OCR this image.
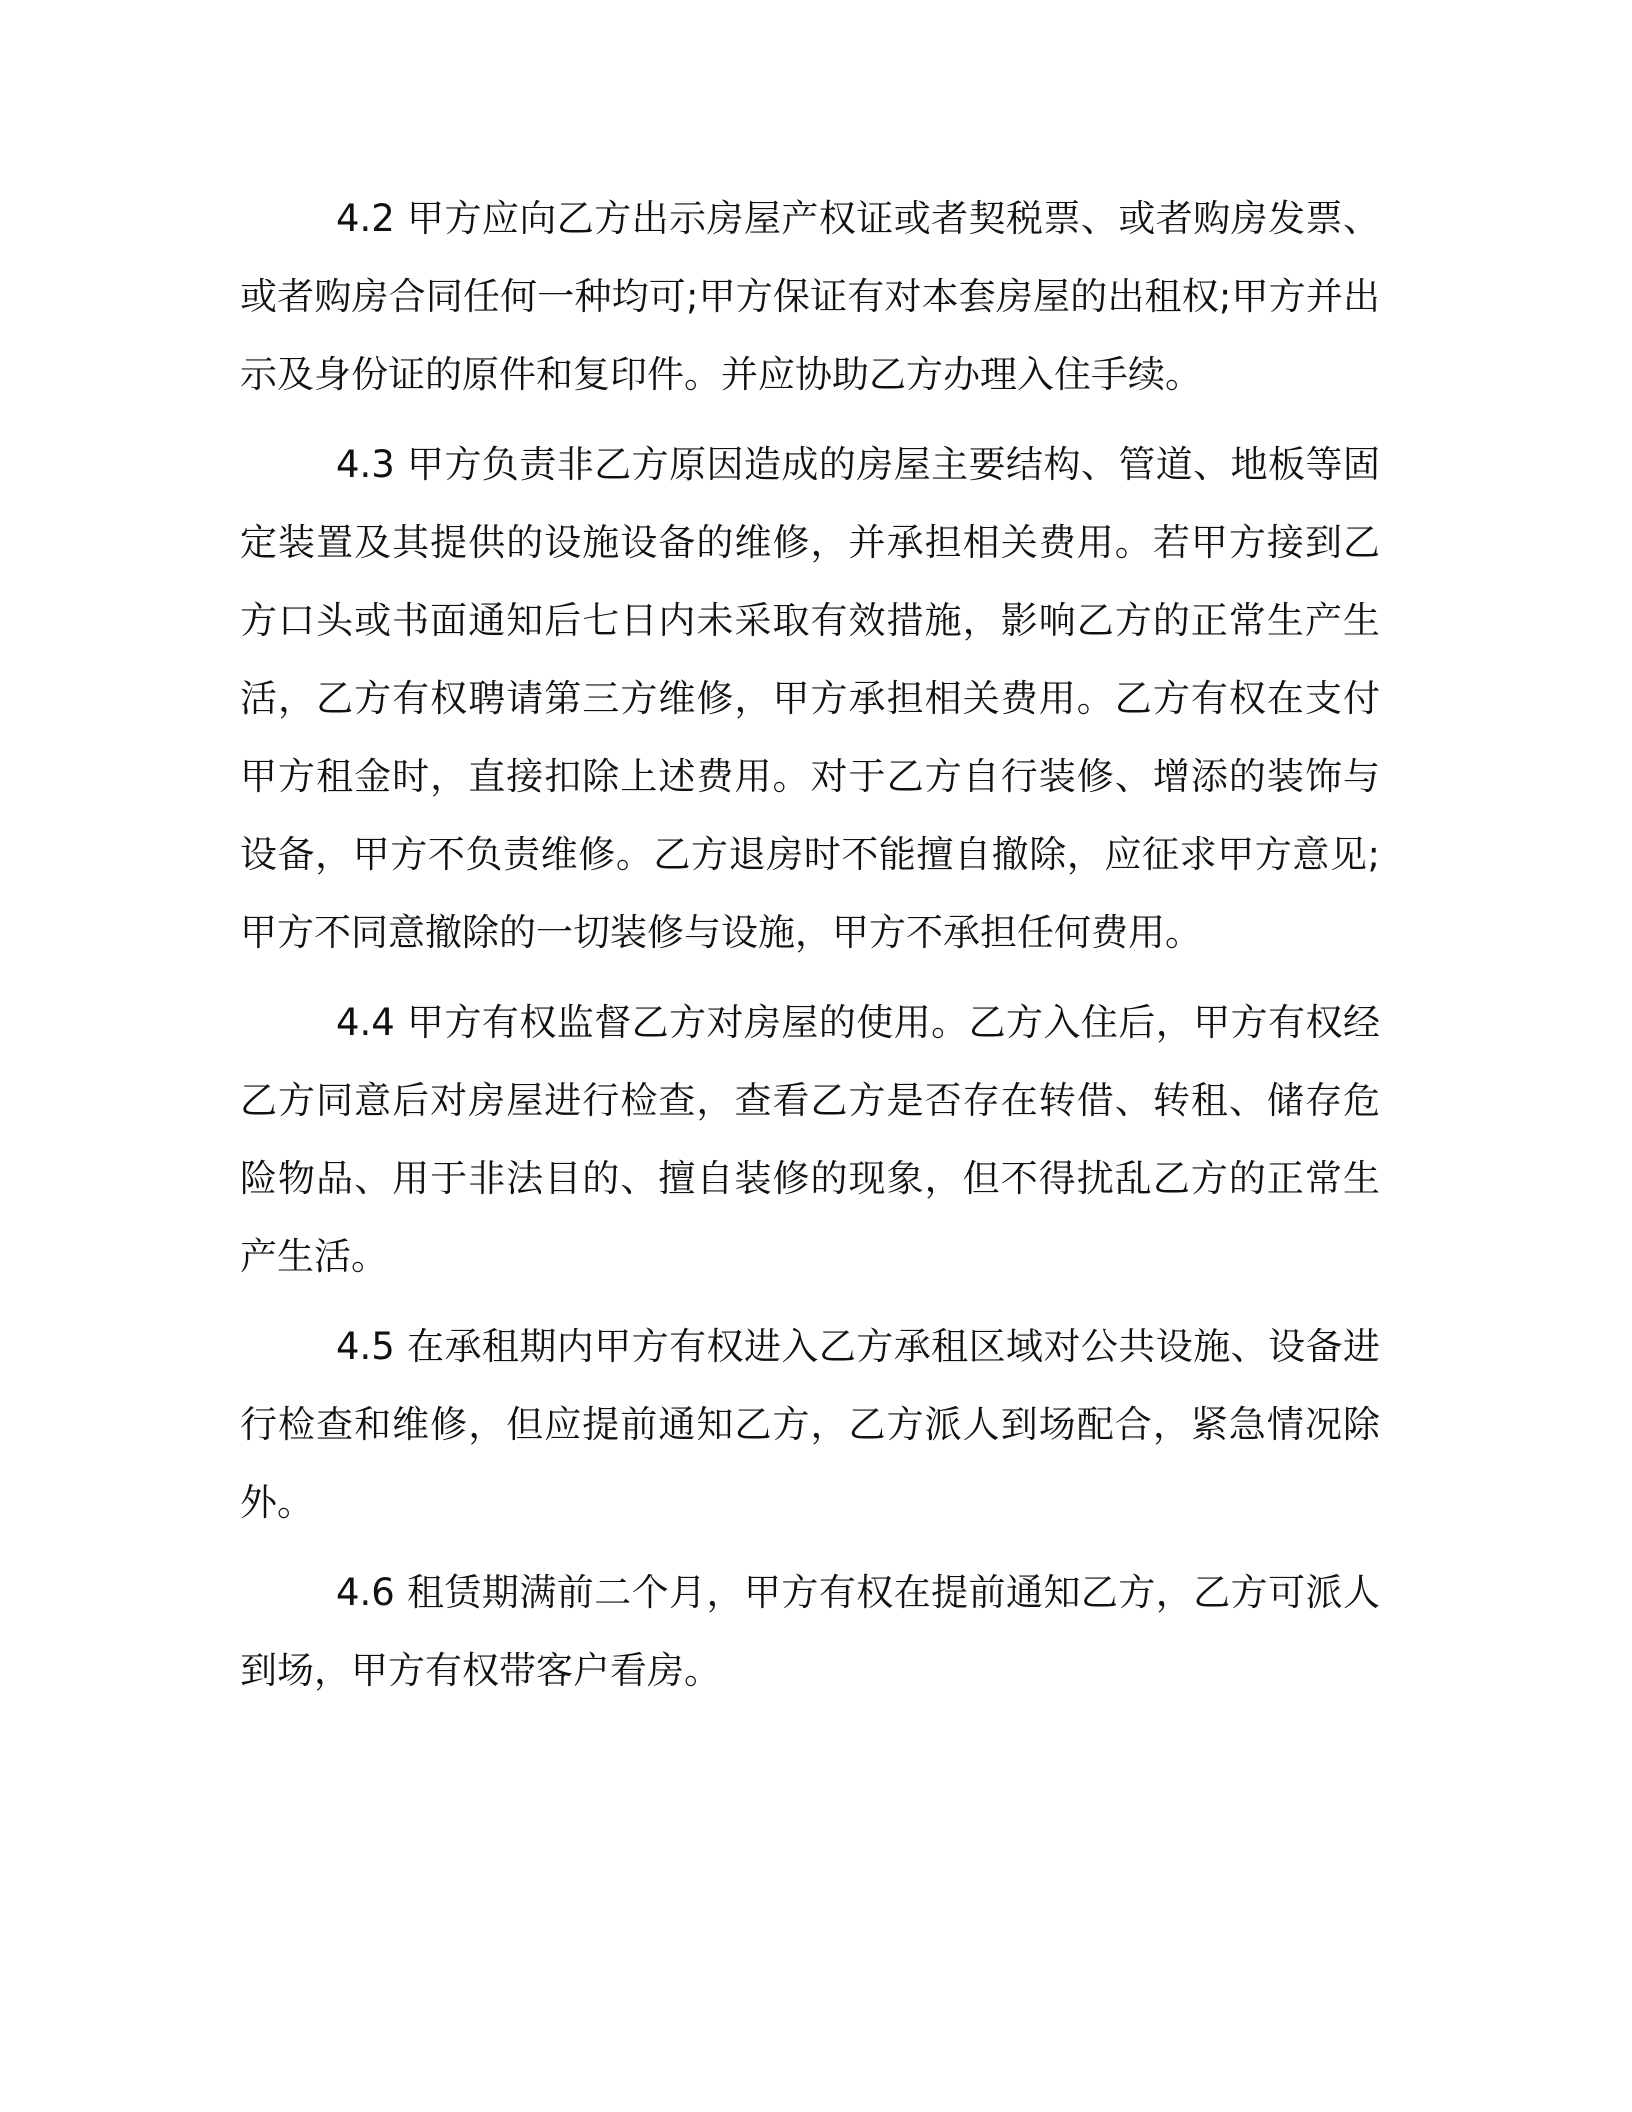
4.2 甲方应向乙方出示房屋产权证或者契税票、或者购房发票、或者购房合同任何一种均可;甲方保证有对本套房屋的出租权;甲方并出示及身份证的原件和复印件。并应协助乙方办理入住手续。

4.3 甲方负责非乙方原因造成的房屋主要结构、管道、地板等固定装置及其提供的设施设备的维修，并承担相关费用。若甲方接到乙方口头或书面通知后七日内未采取有效措施，影响乙方的正常生产生活，乙方有权聘请第三方维修，甲方承担相关费用。乙方有权在支付甲方租金时，直接扣除上述费用。对于乙方自行装修、增添的装饰与设备，甲方不负责维修。乙方退房时不能擅自撤除，应征求甲方意见;甲方不同意撤除的一切装修与设施，甲方不承担任何费用。

4.4 甲方有权监督乙方对房屋的使用。乙方入住后，甲方有权经乙方同意后对房屋进行检查，查看乙方是否存在转借、转租、储存危险物品、用于非法目的、擅自装修的现象，但不得扰乱乙方的正常生产生活。

4.5 在承租期内甲方有权进入乙方承租区域对公共设施、设备进行检查和维修，但应提前通知乙方，乙方派人到场配合，紧急情况除外。

4.6 租赁期满前二个月，甲方有权在提前通知乙方，乙方可派人到场，甲方有权带客户看房。
